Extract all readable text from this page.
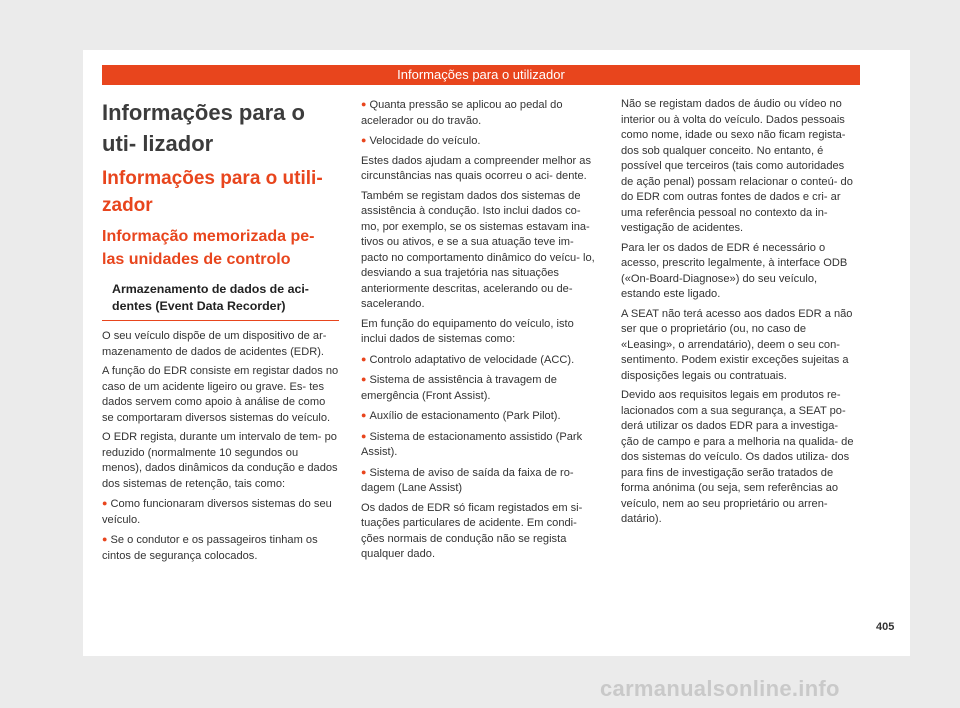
Informações para o utilizador
Informações para o uti- lizador
Informações para o utili- zador
Informação memorizada pe- las unidades de controlo
Armazenamento de dados de aci- dentes (Event Data Recorder)

O seu veículo dispõe de um dispositivo de ar- mazenamento de dados de acidentes (EDR).

A função do EDR consiste em registar dados no caso de um acidente ligeiro ou grave. Es- tes dados servem como apoio à análise de como se comportaram diversos sistemas do veículo.

O EDR regista, durante um intervalo de tem- po reduzido (normalmente 10 segundos ou menos), dados dinâmicos da condução e dados dos sistemas de retenção, tais como:

● Como funcionaram diversos sistemas do seu veículo.

● Se o condutor e os passageiros tinham os cintos de segurança colocados.

● Quanta pressão se aplicou ao pedal do acelerador ou do travão.

● Velocidade do veículo.

Estes dados ajudam a compreender melhor as circunstâncias nas quais ocorreu o aci- dente.

Também se registam dados dos sistemas de assistência à condução. Isto inclui dados co- mo, por exemplo, se os sistemas estavam ina- tivos ou ativos, e se a sua atuação teve im- pacto no comportamento dinâmico do veícu- lo, desviando a sua trajetória nas situações anteriormente descritas, acelerando ou de- sacelerando.

Em função do equipamento do veículo, isto inclui dados de sistemas como:

● Controlo adaptativo de velocidade (ACC).

● Sistema de assistência à travagem de emergência (Front Assist).

● Auxílio de estacionamento (Park Pilot).

● Sistema de estacionamento assistido (Park Assist).

● Sistema de aviso de saída da faixa de ro- dagem (Lane Assist)

Os dados de EDR só ficam registados em si- tuações particulares de acidente. Em condi- ções normais de condução não se regista qualquer dado.

Não se registam dados de áudio ou vídeo no interior ou à volta do veículo. Dados pessoais como nome, idade ou sexo não ficam regista- dos sob qualquer conceito. No entanto, é possível que terceiros (tais como autoridades de ação penal) possam relacionar o conteú- do do EDR com outras fontes de dados e cri- ar uma referência pessoal no contexto da in- vestigação de acidentes.

Para ler os dados de EDR é necessário o acesso, prescrito legalmente, à interface ODB («On-Board-Diagnose») do seu veículo, estando este ligado.

A SEAT não terá acesso aos dados EDR a não ser que o proprietário (ou, no caso de «Leasing», o arrendatário), deem o seu con- sentimento. Podem existir exceções sujeitas a disposições legais ou contratuais.

Devido aos requisitos legais em produtos re- lacionados com a sua segurança, a SEAT po- derá utilizar os dados EDR para a investiga- ção de campo e para a melhoria na qualida- de dos sistemas do veículo. Os dados utiliza- dos para fins de investigação serão tratados de forma anónima (ou seja, sem referências ao veículo, nem ao seu proprietário ou arren- datário).

405
carmanualsonline.info
